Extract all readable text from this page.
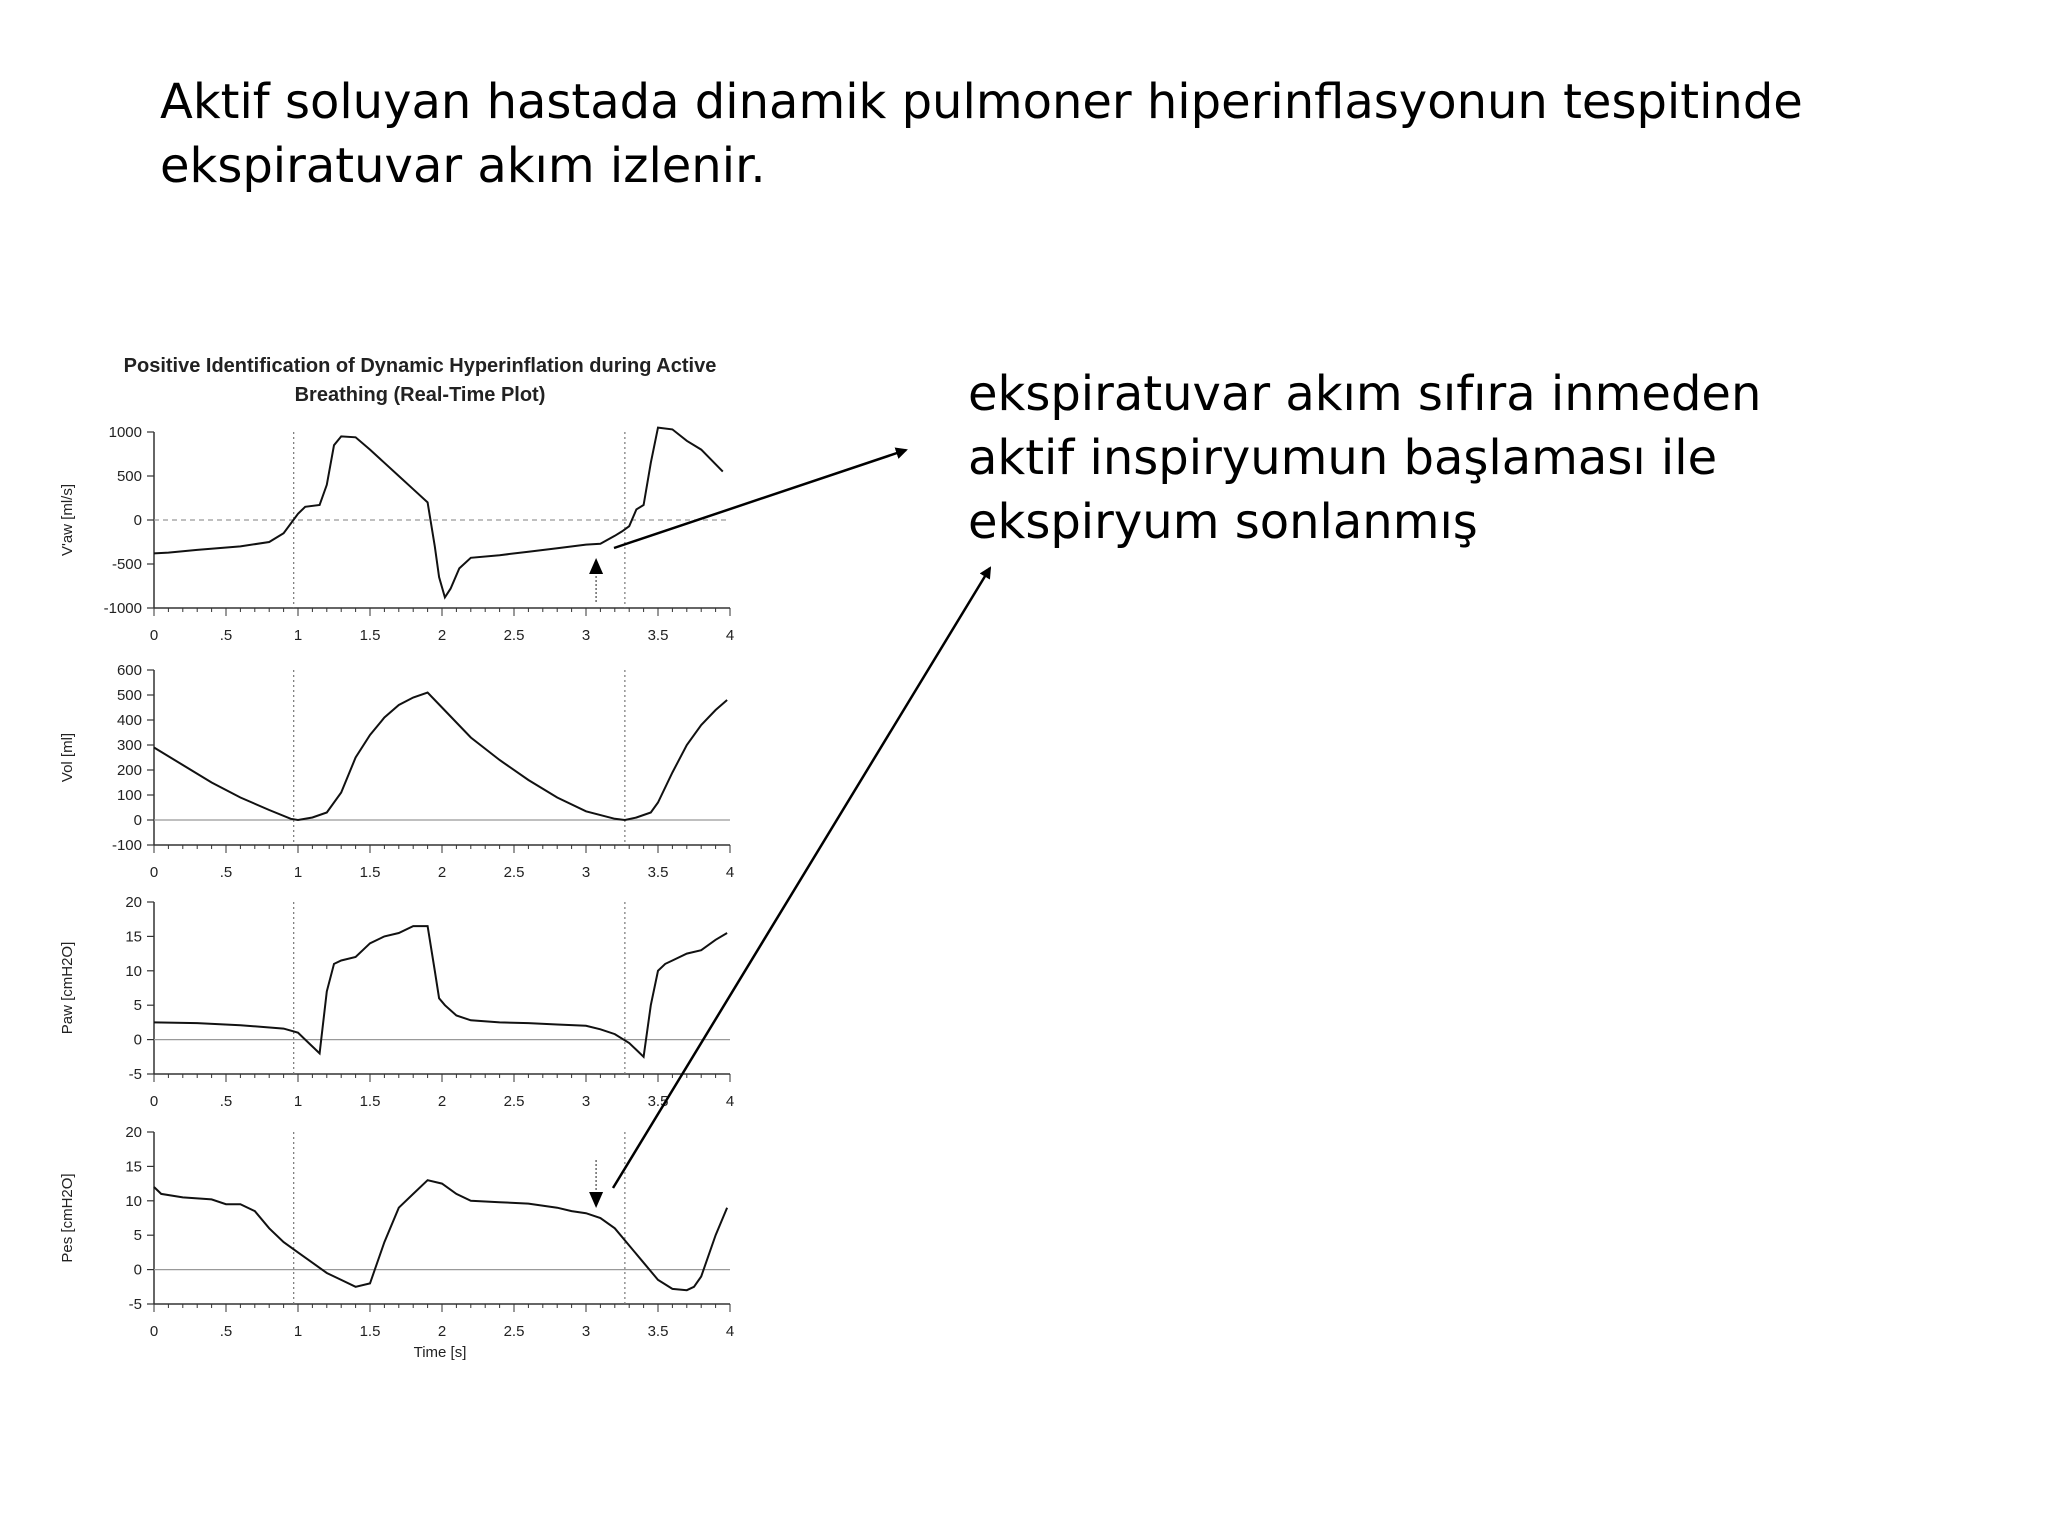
Aktif soluyan hastada dinamik pulmoner hiperinflasyonun tespitinde
ekspiratuvar akım izlenir.
Positive Identification of Dynamic Hyperinflation during Active
Breathing (Real-Time Plot)
1000
500
0
-500
-1000
0	.5	1	1.5	2	2.5	3	3.5	4
V'aw [ml/s]
600
500
400
300
200
100
0
-100
0	.5	1	1.5	2	2.5	3	3.5	4
Vol [ml]
20
15
10
5
0
-5
0	.5	1	1.5	2	2.5	3	3.5	4
Paw [cmH2O]
20
15
10
5
0
-5
0	.5	1	1.5	2	2.5	3	3.5	4
Pes [cmH2O]
Time [s]
ekspiratuvar akım sıfıra inmeden
aktif inspiryumun başlaması ile
ekspiryum sonlanmış
